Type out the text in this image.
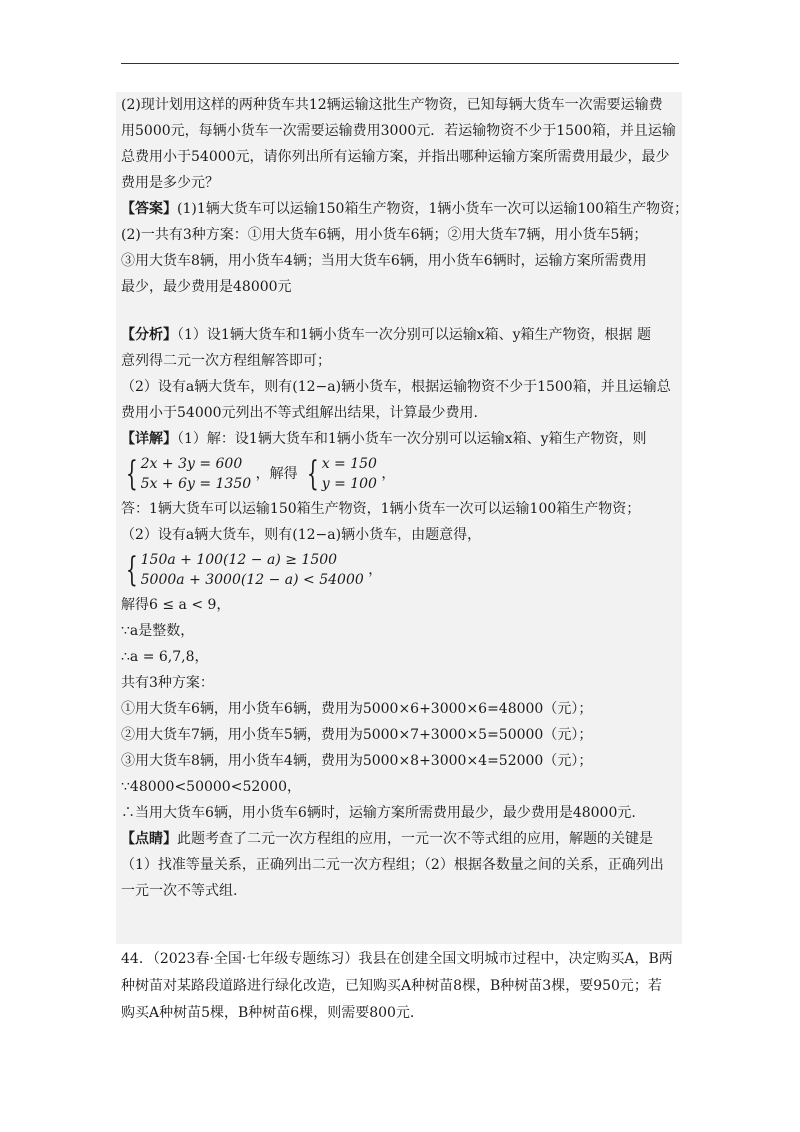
(2)现计划用这样的两种货车共12辆运输这批生产物资，已知每辆大货车一次需要运输费
用5000元，每辆小货车一次需要运输费用3000元．若运输物资不少于1500箱，并且运输
总费用小于54000元，请你列出所有运输方案，并指出哪种运输方案所需费用最少，最少
费用是多少元？
【答案】(1)1辆大货车可以运输150箱生产物资，1辆小货车一次可以运输100箱生产物资；
(2)一共有3种方案：①用大货车6辆，用小货车6辆；②用大货车7辆，用小货车5辆；
③用大货车8辆，用小货车4辆；当用大货车6辆，用小货车6辆时，运输方案所需费用
最少，最少费用是48000元
【分析】（1）设1辆大货车和1辆小货车一次分别可以运输x箱、y箱生产物资，根据 题
意列得二元一次方程组解答即可；
（2）设有a辆大货车，则有(12−a)辆小货车，根据运输物资不少于1500箱，并且运输总
费用小于54000元列出不等式组解出结果，计算最少费用.
【详解】（1）解：设1辆大货车和1辆小货车一次分别可以运输x箱、y箱生产物资，则
{ 2x + 3y = 600
5x + 6y = 1350
，解得 { x = 150
y = 100
，
答：1辆大货车可以运输150箱生产物资，1辆小货车一次可以运输100箱生产物资；
（2）设有a辆大货车，则有(12−a)辆小货车，由题意得，
{ 150a + 100(12 − a) ≥ 1500
5000a + 3000(12 − a) < 54000
，
解得6 ≤ a < 9，
∵a是整数，
∴a = 6,7,8，
共有3种方案：
①用大货车6辆，用小货车6辆，费用为5000×6+3000×6=48000（元）；
②用大货车7辆，用小货车5辆，费用为5000×7+3000×5=50000（元）；
③用大货车8辆，用小货车4辆，费用为5000×8+3000×4=52000（元）；
∵48000<50000<52000，
∴当用大货车6辆，用小货车6辆时，运输方案所需费用最少，最少费用是48000元.
【点睛】此题考查了二元一次方程组的应用，一元一次不等式组的应用，解题的关键是
（1）找准等量关系，正确列出二元一次方程组；（2）根据各数量之间的关系，正确列出
一元一次不等式组.
44．（2023春·全国·七年级专题练习）我县在创建全国文明城市过程中，决定购买A，B两
种树苗对某路段道路进行绿化改造，已知购买A种树苗8棵，B种树苗3棵，要950元；若
购买A种树苗5棵，B种树苗6棵，则需要800元.
